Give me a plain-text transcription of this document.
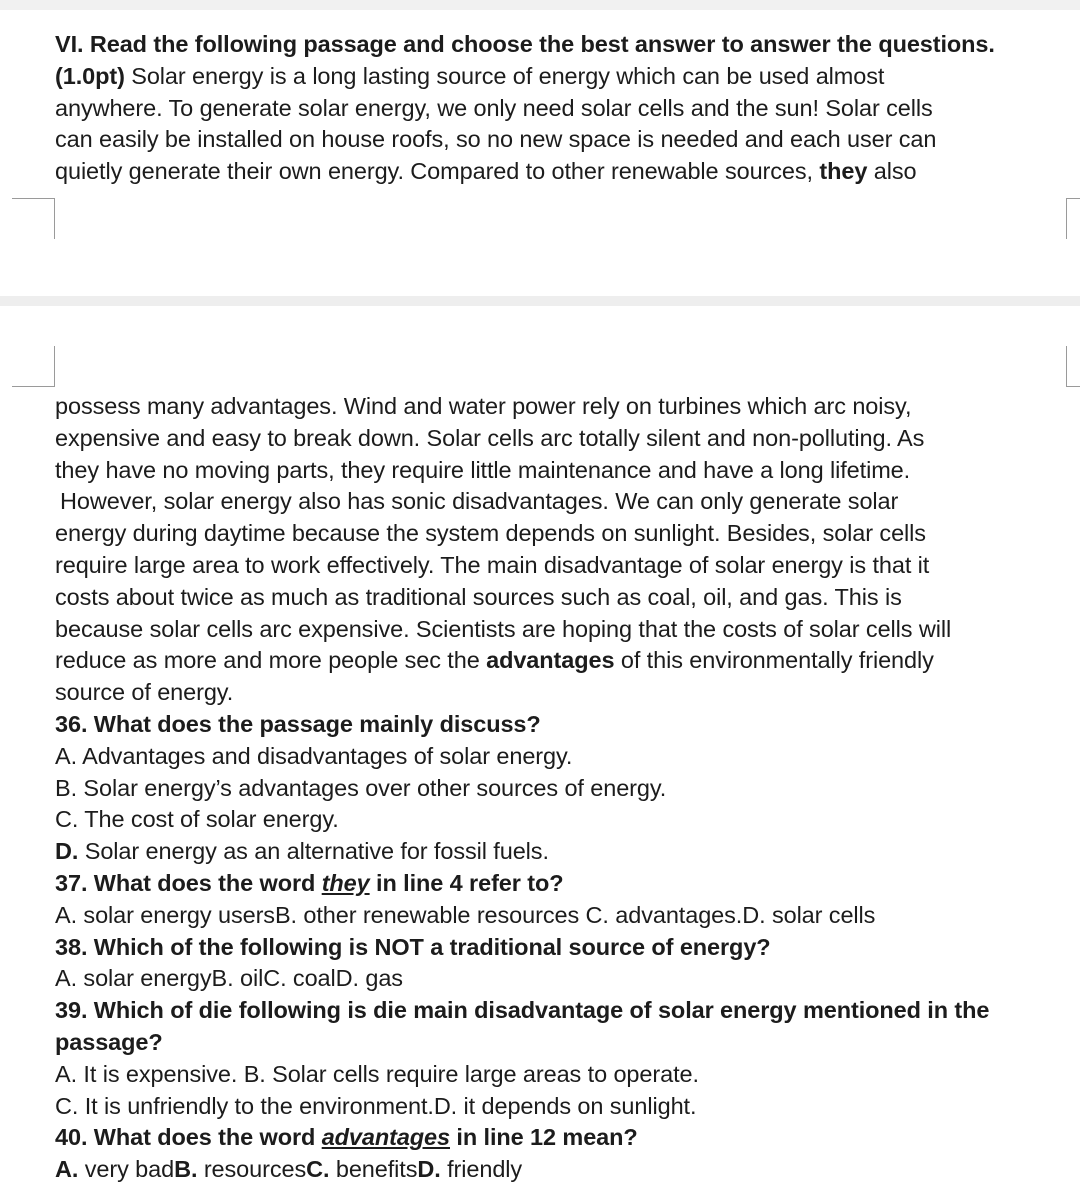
VI. Read the following passage and choose the best answer to answer the questions.
(1.0pt) Solar energy is a long lasting source of energy which can be used almost
anywhere. To generate solar energy, we only need solar cells and the sun! Solar cells
can easily be installed on house roofs, so no new space is needed and each user can
quietly generate their own energy. Compared to other renewable sources, they also
possess many advantages. Wind and water power rely on turbines which arc noisy,
expensive and easy to break down. Solar cells arc totally silent and non-polluting. As
they have no moving parts, they require little maintenance and have a long lifetime.
However, solar energy also has sonic disadvantages. We can only generate solar
energy during daytime because the system depends on sunlight. Besides, solar cells
require large area to work effectively. The main disadvantage of solar energy is that it
costs about twice as much as traditional sources such as coal, oil, and gas. This is
because solar cells arc expensive. Scientists are hoping that the costs of solar cells will
reduce as more and more people sec the advantages of this environmentally friendly
source of energy.
36. What does the passage mainly discuss?
A. Advantages and disadvantages of solar energy.
B. Solar energy’s advantages over other sources of energy.
C. The cost of solar energy.
D. Solar energy as an alternative for fossil fuels.
37. What does the word they in line 4 refer to?
A. solar energy usersB. other renewable resources C. advantages.D. solar cells
38. Which of the following is NOT a traditional source of energy?
A. solar energyB. oilC. coalD. gas
39. Which of die following is die main disadvantage of solar energy mentioned in the
passage?
A. It is expensive. B. Solar cells require large areas to operate.
C. It is unfriendly to the environment.D. it depends on sunlight.
40. What does the word advantages in line 12 mean?
A. very badB. resourcesC. benefitsD. friendly
